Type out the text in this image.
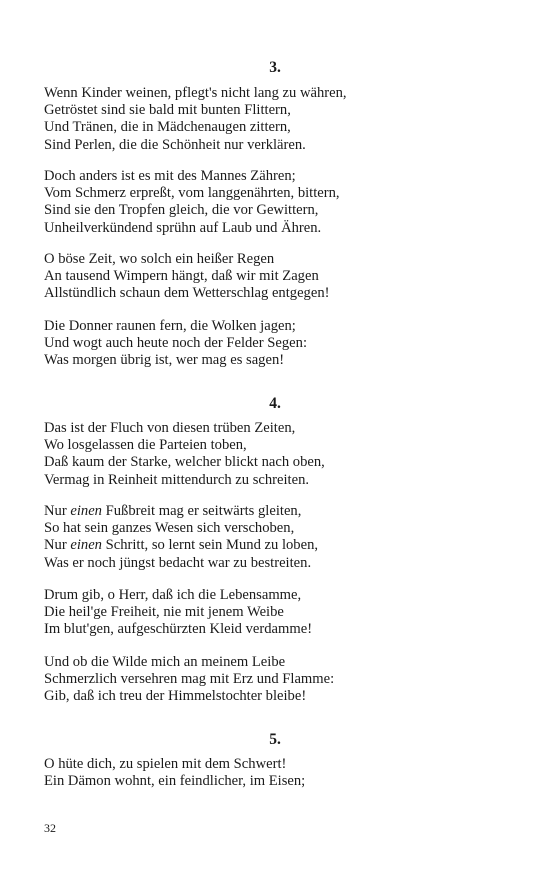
3.
Wenn Kinder weinen, pflegt's nicht lang zu währen,
Getröstet sind sie bald mit bunten Flittern,
Und Tränen, die in Mädchenaugen zittern,
Sind Perlen, die die Schönheit nur verklären.
Doch anders ist es mit des Mannes Zähren;
Vom Schmerz erpreßt, vom langgenährten, bittern,
Sind sie den Tropfen gleich, die vor Gewittern,
Unheilverkündend sprühn auf Laub und Ähren.
O böse Zeit, wo solch ein heißer Regen
An tausend Wimpern hängt, daß wir mit Zagen
Allstündlich schaun dem Wetterschlag entgegen!
Die Donner raunen fern, die Wolken jagen;
Und wogt auch heute noch der Felder Segen:
Was morgen übrig ist, wer mag es sagen!
4.
Das ist der Fluch von diesen trüben Zeiten,
Wo losgelassen die Parteien toben,
Daß kaum der Starke, welcher blickt nach oben,
Vermag in Reinheit mittendurch zu schreiten.
Nur einen Fußbreit mag er seitwärts gleiten,
So hat sein ganzes Wesen sich verschoben,
Nur einen Schritt, so lernt sein Mund zu loben,
Was er noch jüngst bedacht war zu bestreiten.
Drum gib, o Herr, daß ich die Lebensamme,
Die heil'ge Freiheit, nie mit jenem Weibe
Im blut'gen, aufgeschürzten Kleid verdamme!
Und ob die Wilde mich an meinem Leibe
Schmerzlich versehren mag mit Erz und Flamme:
Gib, daß ich treu der Himmelstochter bleibe!
5.
O hüte dich, zu spielen mit dem Schwert!
Ein Dämon wohnt, ein feindlicher, im Eisen;
32
